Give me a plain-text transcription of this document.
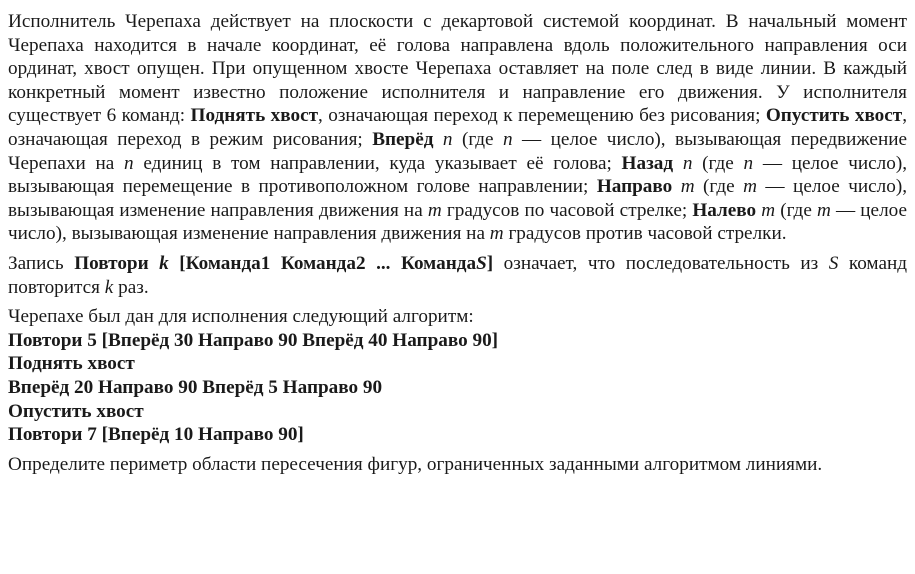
Исполнитель Черепаха действует на плоскости с декартовой системой координат. В начальный момент Черепаха находится в начале координат, её голова направлена вдоль положительного направления оси ординат, хвост опущен. При опущенном хвосте Черепаха оставляет на поле след в виде линии. В каждый конкретный момент известно положение исполнителя и направление его движения. У исполнителя существует 6 команд: Поднять хвост, означающая переход к перемещению без рисования; Опустить хвост, означающая переход в режим рисования; Вперёд n (где n — целое число), вызывающая передвижение Черепахи на n единиц в том направлении, куда указывает её голова; Назад n (где n — целое число), вызывающая перемещение в противоположном голове направлении; Направо m (где m — целое число), вызывающая изменение направления движения на m градусов по часовой стрелке; Налево m (где m — целое число), вызывающая изменение направления движения на m градусов против часовой стрелки.

Запись Повтори k [Команда1 Команда2 ... КомандаS] означает, что последовательность из S команд повторится k раз.

Черепахе был дан для исполнения следующий алгоритм:

Повтори 5 [Вперёд 30 Направо 90 Вперёд 40 Направо 90]
Поднять хвост
Вперёд 20 Направо 90 Вперёд 5 Направо 90
Опустить хвост
Повтори 7 [Вперёд 10 Направо 90]

Определите периметр области пересечения фигур, ограниченных заданными алгоритмом линиями.
